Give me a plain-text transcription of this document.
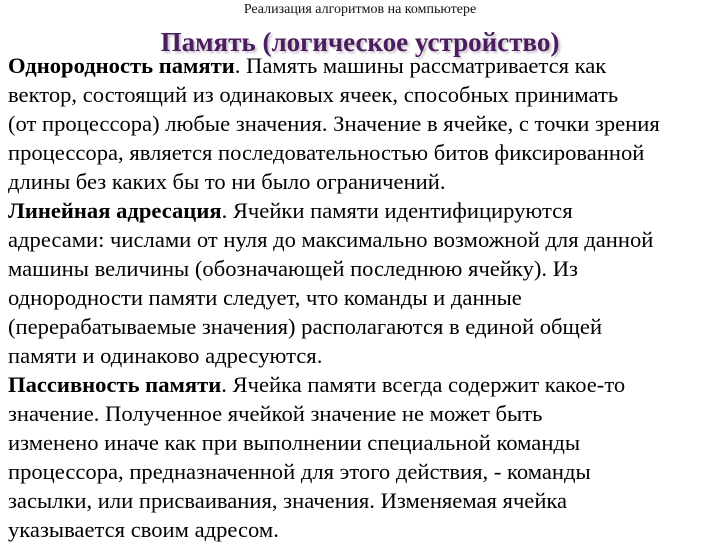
Реализация алгоритмов на компьютере
Память (логическое устройство)
Однородность памяти. Память машины рассматривается как
вектор, состоящий из одинаковых ячеек, способных принимать
(от процессора) любые значения. Значение в ячейке, с точки зрения
процессора, является последовательностью битов фиксированной
длины без каких бы то ни было ограничений.
Линейная адресация. Ячейки памяти идентифицируются
адресами: числами от нуля до максимально возможной для данной
машины величины (обозначающей последнюю ячейку). Из
однородности памяти следует, что команды и данные
(перерабатываемые значения) располагаются в единой общей
памяти и одинаково адресуются.
Пассивность памяти. Ячейка памяти всегда содержит какое-то
значение. Полученное ячейкой значение не может быть
изменено иначе как при выполнении специальной команды
процессора, предназначенной для этого действия, - команды
засылки, или присваивания, значения. Изменяемая ячейка
указывается своим адресом.
